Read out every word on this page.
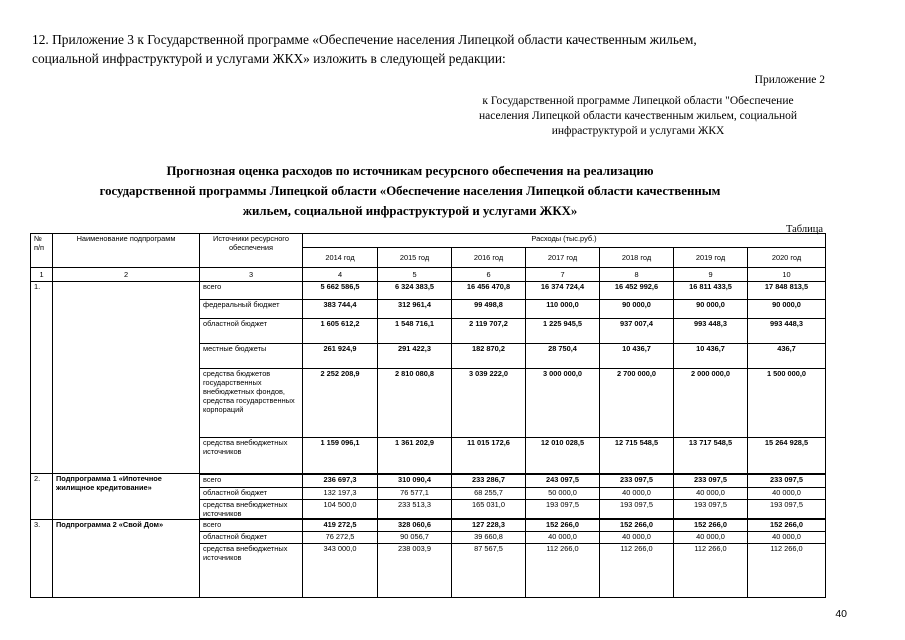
12. Приложение 3 к Государственной программе «Обеспечение населения Липецкой области качественным жильем,
социальной инфраструктурой и услугами ЖКХ» изложить в следующей редакции:
Приложение 2
к Государственной программе Липецкой области "Обеспечение
населения Липецкой области качественным жильем, социальной
инфраструктурой и услугами ЖКХ
Прогнозная оценка расходов по источникам ресурсного обеспечения на реализацию
государственной программы Липецкой области «Обеспечение населения Липецкой области качественным
жильем, социальной инфраструктурой и услугами ЖКХ»
Таблица
№ п/п	Наименование подпрограмм	Источники ресурсного обеспечения	Расходы (тыс.руб.)						
			2014 год	2015 год	2016 год	2017 год	2018 год	2019 год	2020 год
1	2	3	4	5	6	7	8	9	10
1.		всего	5 662 586,5	6 324 383,5	16 456 470,8	16 374 724,4	16 452 992,6	16 811 433,5	17 848 813,5
		федеральный бюджет	383 744,4	312 961,4	99 498,8	110 000,0	90 000,0	90 000,0	90 000,0
		областной бюджет	1 605 612,2	1 548 716,1	2 119 707,2	1 225 945,5	937 007,4	993 448,3	993 448,3
		местные бюджеты	261 924,9	291 422,3	182 870,2	28 750,4	10 436,7	10 436,7	436,7
		средства бюджетов государственных внебюджетных фондов, средства государственных корпораций	2 252 208,9	2 810 080,8	3 039 222,0	3 000 000,0	2 700 000,0	2 000 000,0	1 500 000,0
		средства внебюджетных источников	1 159 096,1	1 361 202,9	11 015 172,6	12 010 028,5	12 715 548,5	13 717 548,5	15 264 928,5
2.	Подпрограмма 1 «Ипотечное жилищное кредитование»	всего	236 697,3	310 090,4	233 286,7	243 097,5	233 097,5	233 097,5	233 097,5
		областной бюджет	132 197,3	76 577,1	68 255,7	50 000,0	40 000,0	40 000,0	40 000,0
		средства внебюджетных источников	104 500,0	233 513,3	165 031,0	193 097,5	193 097,5	193 097,5	193 097,5
3.	Подпрограмма 2 «Свой Дом»	всего	419 272,5	328 060,6	127 228,3	152 266,0	152 266,0	152 266,0	152 266,0
		областной бюджет	76 272,5	90 056,7	39 660,8	40 000,0	40 000,0	40 000,0	40 000,0
		средства внебюджетных источников	343 000,0	238 003,9	87 567,5	112 266,0	112 266,0	112 266,0	112 266,0
40
